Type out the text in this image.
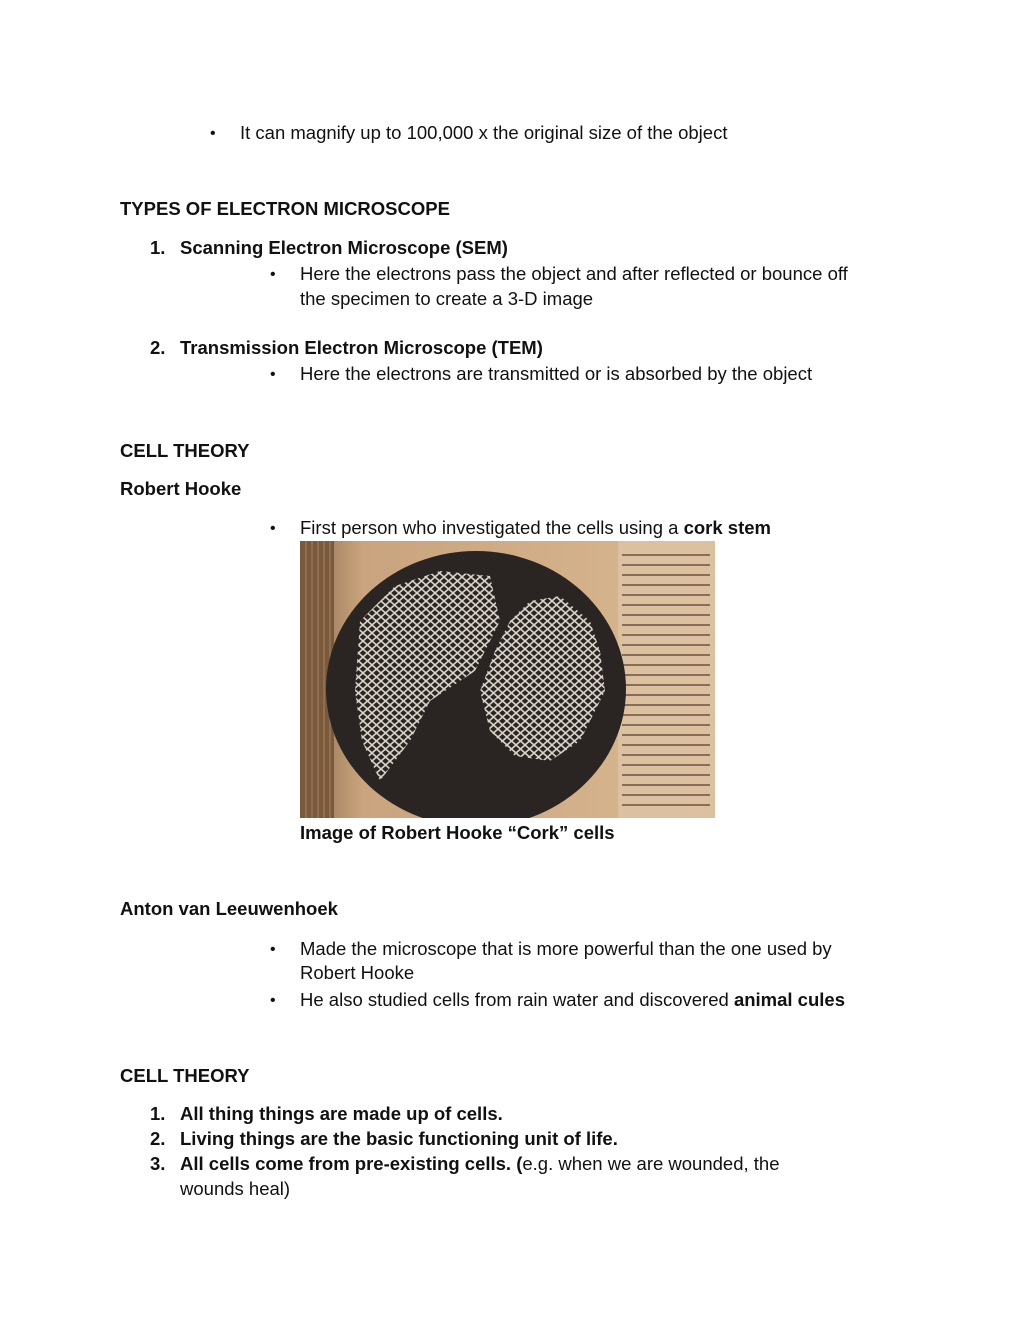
• It can magnify up to 100,000 x the original size of the object
TYPES OF ELECTRON MICROSCOPE
1. Scanning Electron Microscope (SEM)
• Here the electrons pass the object and after reflected or bounce off
the specimen to create a 3-D image
2. Transmission Electron Microscope (TEM)
• Here the electrons are transmitted or is absorbed by the object
CELL THEORY
Robert Hooke
• First person who investigated the cells using a cork stem
Image of Robert Hooke “Cork” cells
Anton van Leeuwenhoek
• Made the microscope that is more powerful than the one used by
Robert Hooke
• He also studied cells from rain water and discovered animal cules
CELL THEORY
1. All thing things are made up of cells.
2. Living things are the basic functioning unit of life.
3. All cells come from pre-existing cells. (e.g. when we are wounded, the
wounds heal)
